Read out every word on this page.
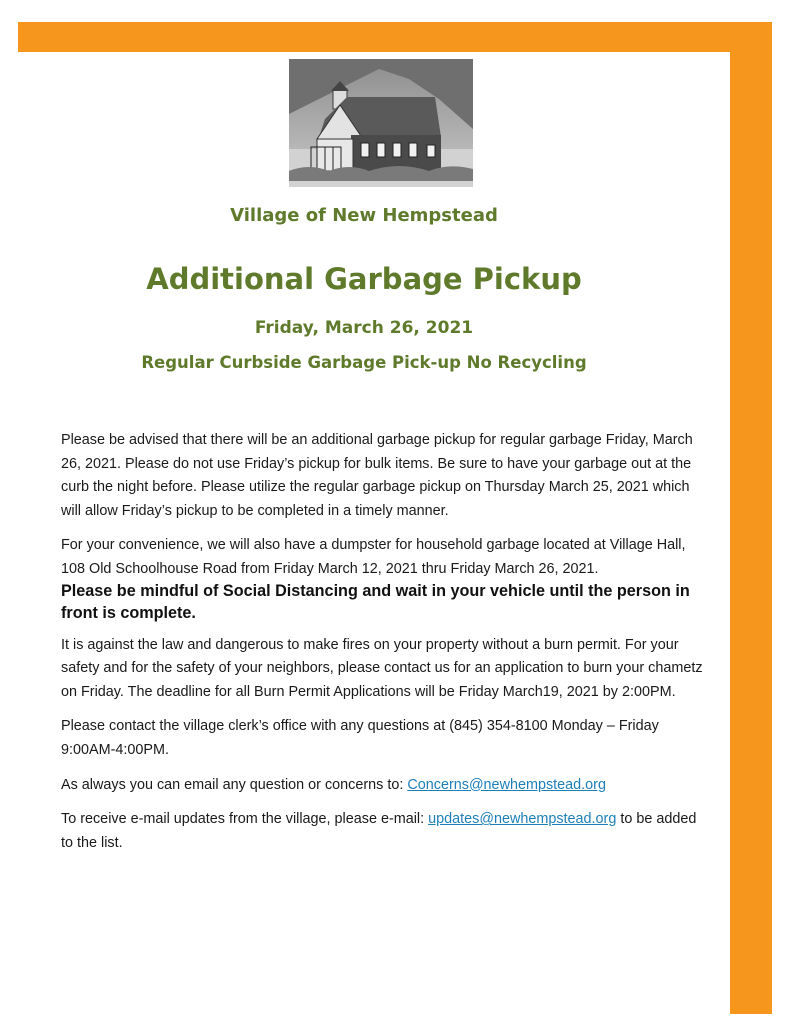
Village of New Hempstead
Additional Garbage Pickup
Friday, March 26, 2021
Regular Curbside Garbage Pick-up No Recycling

Please be advised that there will be an additional garbage pickup for regular garbage Friday, March 26, 2021. Please do not use Friday’s pickup for bulk items. Be sure to have your garbage out at the curb the night before. Please utilize the regular garbage pickup on Thursday March 25, 2021 which will allow Friday’s pickup to be completed in a timely manner.

For your convenience, we will also have a dumpster for household garbage located at Village Hall, 108 Old Schoolhouse Road from Friday March 12, 2021 thru Friday March 26, 2021.

Please be mindful of Social Distancing and wait in your vehicle until the person in front is complete.

It is against the law and dangerous to make fires on your property without a burn permit. For your safety and for the safety of your neighbors, please contact us for an application to burn your chametz on Friday. The deadline for all Burn Permit Applications will be Friday March19, 2021 by 2:00PM.

Please contact the village clerk’s office with any questions at (845) 354-8100 Monday – Friday 9:00AM-4:00PM.

As always you can email any question or concerns to: Concerns@newhempstead.org

To receive e-mail updates from the village, please e-mail: updates@newhempstead.org to be added to the list.
